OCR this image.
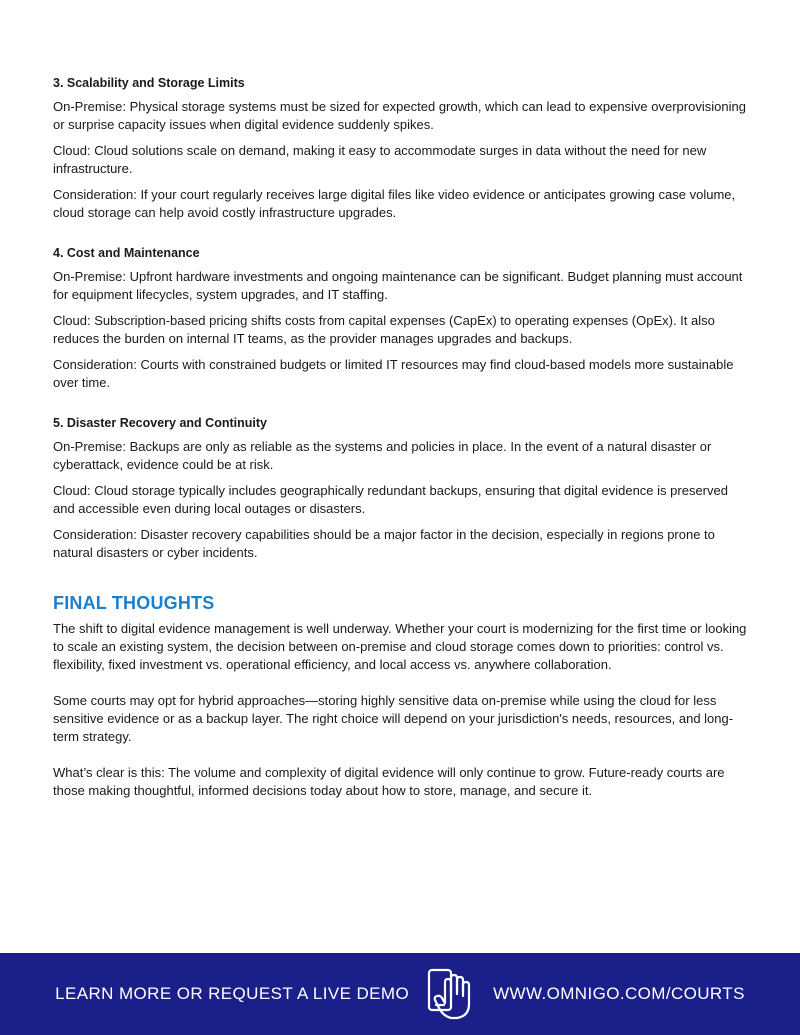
3. Scalability and Storage Limits

On-Premise: Physical storage systems must be sized for expected growth, which can lead to expensive overprovisioning or surprise capacity issues when digital evidence suddenly spikes.

Cloud: Cloud solutions scale on demand, making it easy to accommodate surges in data without the need for new infrastructure.

Consideration: If your court regularly receives large digital files like video evidence or anticipates growing case volume, cloud storage can help avoid costly infrastructure upgrades.

4. Cost and Maintenance

On-Premise: Upfront hardware investments and ongoing maintenance can be significant. Budget planning must account for equipment lifecycles, system upgrades, and IT staffing.

Cloud: Subscription-based pricing shifts costs from capital expenses (CapEx) to operating expenses (OpEx). It also reduces the burden on internal IT teams, as the provider manages upgrades and backups.

Consideration: Courts with constrained budgets or limited IT resources may find cloud-based models more sustainable over time.

5. Disaster Recovery and Continuity

On-Premise: Backups are only as reliable as the systems and policies in place. In the event of a natural disaster or cyberattack, evidence could be at risk.

Cloud: Cloud storage typically includes geographically redundant backups, ensuring that digital evidence is preserved and accessible even during local outages or disasters.

Consideration: Disaster recovery capabilities should be a major factor in the decision, especially in regions prone to natural disasters or cyber incidents.

FINAL THOUGHTS

The shift to digital evidence management is well underway. Whether your court is modernizing for the first time or looking to scale an existing system, the decision between on-premise and cloud storage comes down to priorities: control vs. flexibility, fixed investment vs. operational efficiency, and local access vs. anywhere collaboration.

Some courts may opt for hybrid approaches—storing highly sensitive data on-premise while using the cloud for less sensitive evidence or as a backup layer. The right choice will depend on your jurisdiction's needs, resources, and long-term strategy.

What’s clear is this: The volume and complexity of digital evidence will only continue to grow. Future-ready courts are those making thoughtful, informed decisions today about how to store, manage, and secure it.

LEARN MORE OR REQUEST A LIVE DEMO	WWW.OMNIGO.COM/COURTS
